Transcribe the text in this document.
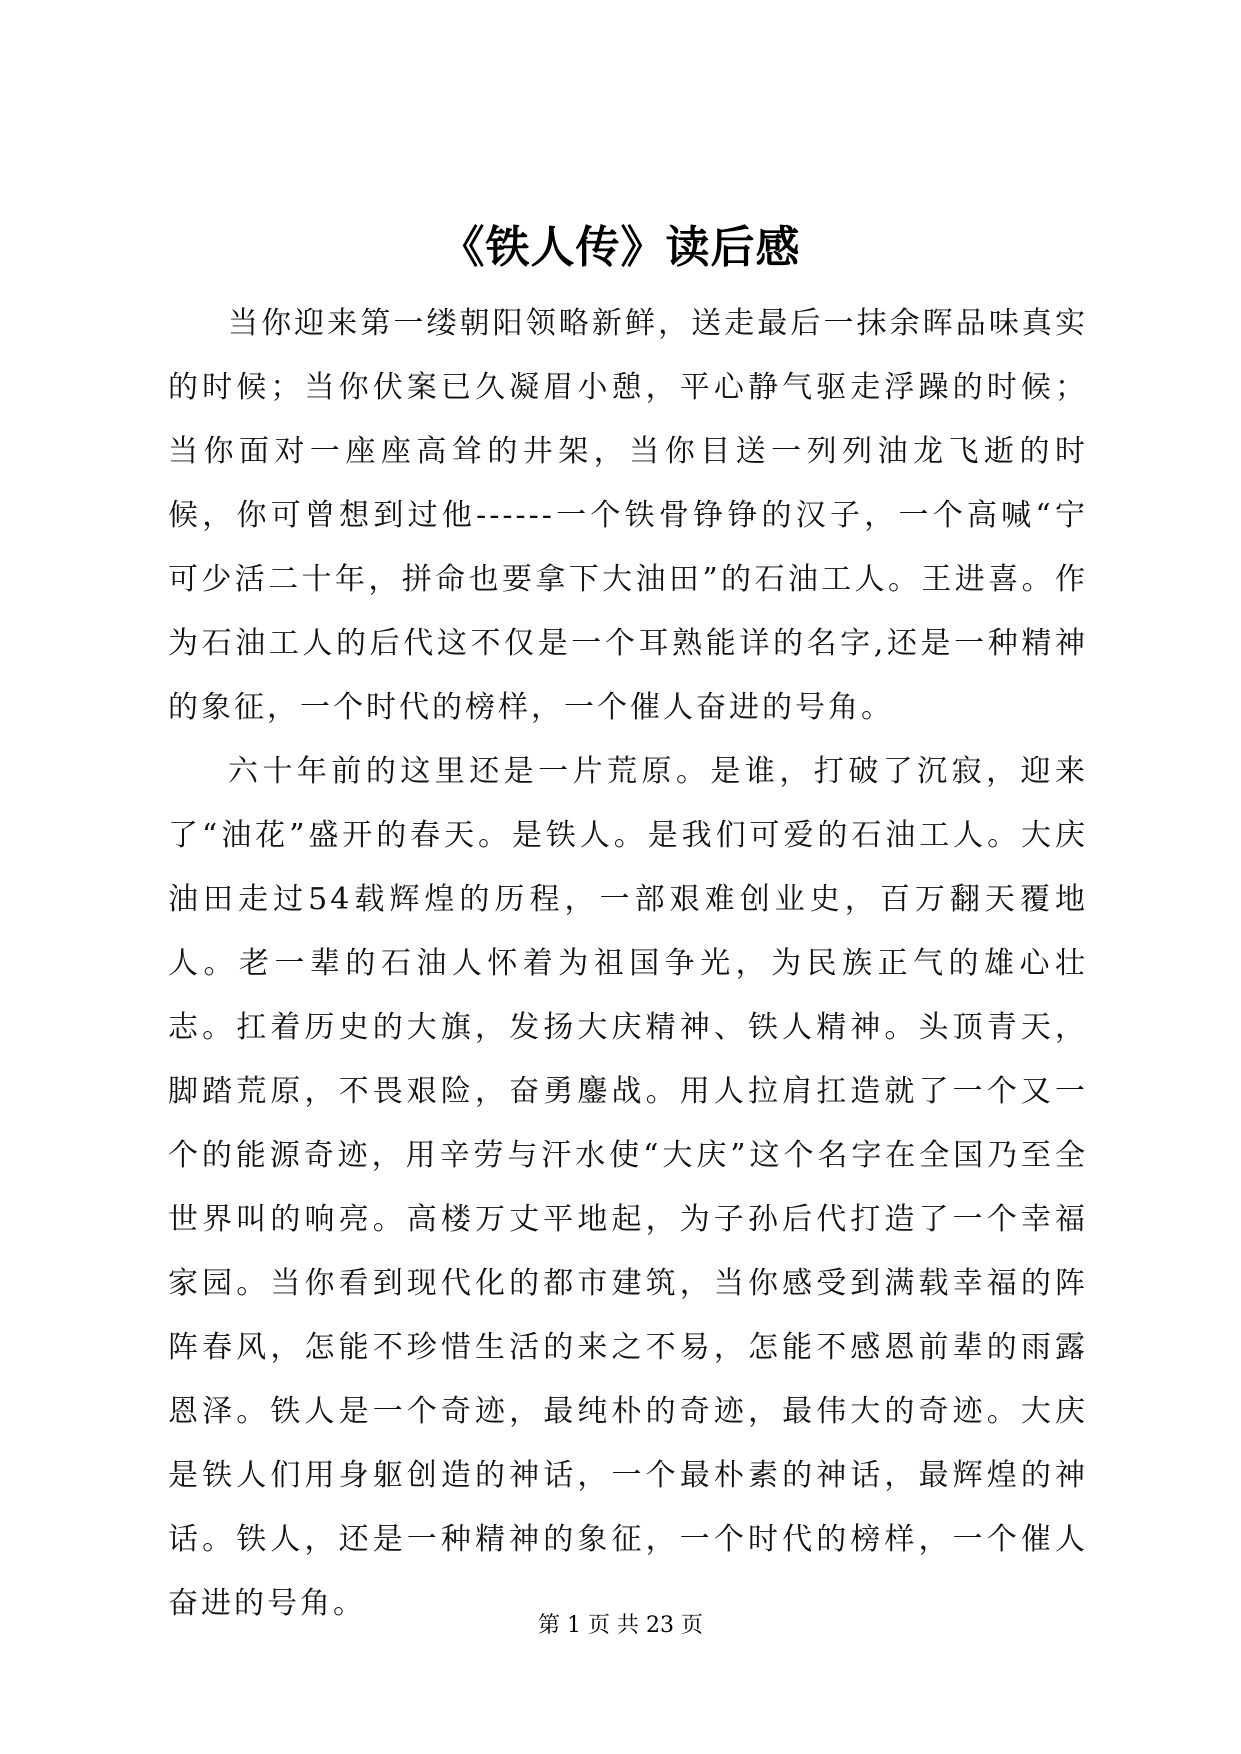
《铁人传》读后感

当你迎来第一缕朝阳领略新鲜，送走最后一抹余晖品味真实的时候；当你伏案已久凝眉小憩，平心静气驱走浮躁的时候；当你面对一座座高耸的井架，当你目送一列列油龙飞逝的时候，你可曾想到过他------一个铁骨铮铮的汉子，一个高喊“宁可少活二十年，拼命也要拿下大油田”的石油工人。王进喜。作为石油工人的后代这不仅是一个耳熟能详的名字,还是一种精神的象征，一个时代的榜样，一个催人奋进的号角。

六十年前的这里还是一片荒原。是谁，打破了沉寂，迎来了“油花”盛开的春天。是铁人。是我们可爱的石油工人。大庆油田走过54载辉煌的历程，一部艰难创业史，百万翻天覆地人。老一辈的石油人怀着为祖国争光，为民族正气的雄心壮志。扛着历史的大旗，发扬大庆精神、铁人精神。头顶青天，脚踏荒原，不畏艰险，奋勇鏖战。用人拉肩扛造就了一个又一个的能源奇迹，用辛劳与汗水使“大庆”这个名字在全国乃至全世界叫的响亮。高楼万丈平地起，为子孙后代打造了一个幸福家园。当你看到现代化的都市建筑，当你感受到满载幸福的阵阵春风，怎能不珍惜生活的来之不易，怎能不感恩前辈的雨露恩泽。铁人是一个奇迹，最纯朴的奇迹，最伟大的奇迹。大庆是铁人们用身躯创造的神话，一个最朴素的神话，最辉煌的神话。铁人，还是一种精神的象征，一个时代的榜样，一个催人奋进的号角。

第 1 页 共 23 页
